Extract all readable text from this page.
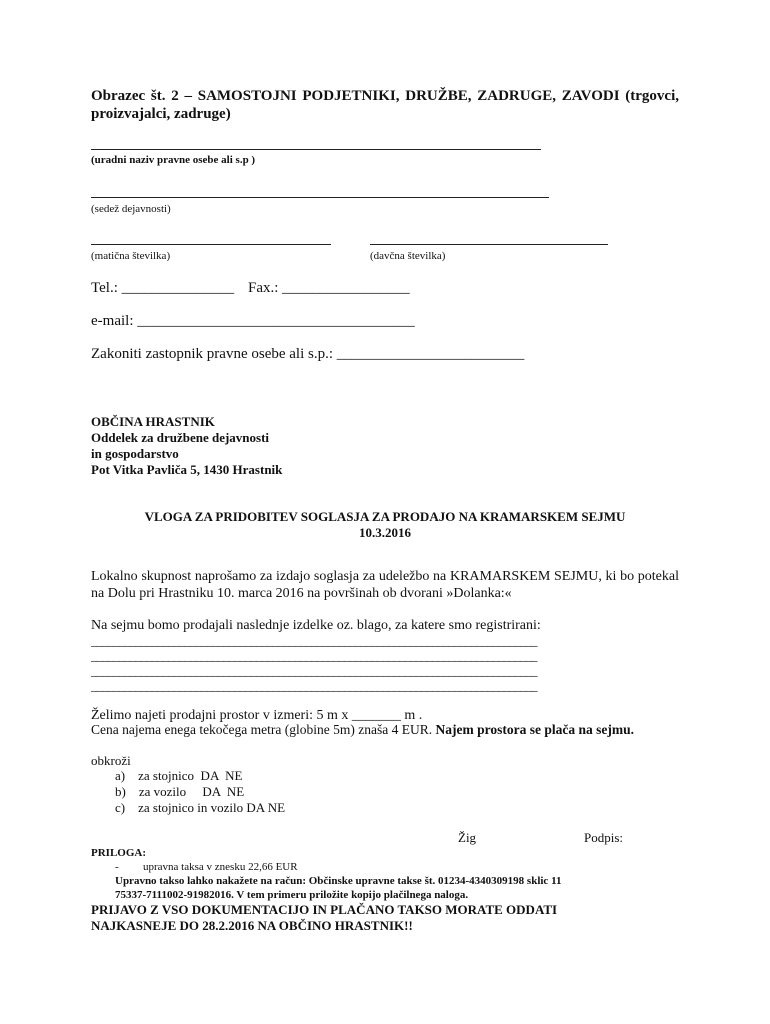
Obrazec št. 2 – SAMOSTOJNI PODJETNIKI, DRUŽBE, ZADRUGE, ZAVODI (trgovci, proizvajalci, zadruge)
(uradni naziv pravne osebe ali s.p )
(sedež dejavnosti)
(matična številka)	(davčna številka)
Tel.: _______________ Fax.: _________________
e-mail: _____________________________________
Zakoniti zastopnik pravne osebe ali s.p.: _________________________
OBČINA HRASTNIK
Oddelek za družbene dejavnosti
in gospodarstvo
Pot Vitka Pavliča 5, 1430 Hrastnik
VLOGA ZA PRIDOBITEV SOGLASJA ZA PRODAJO NA KRAMARSKEM SEJMU
10.3.2016
Lokalno skupnost naprošamo za izdajo soglasja za udeležbo na KRAMARSKEM SEJMU, ki bo potekal na Dolu pri Hrastniku 10. marca 2016 na površinah ob dvorani »Dolanka:«
Na sejmu bomo prodajali naslednje izdelke oz. blago, za katere smo registrirani:
_________________________________________________________________________________
_________________________________________________________________________________
_________________________________________________________________________________
_________________________________________________________________________________
Želimo najeti prodajni prostor v izmeri: 5 m x _______ m .
Cena najema enega tekočega metra (globine 5m) znaša 4 EUR. Najem prostora se plača na sejmu.
obkroži
a)    za stojnico  DA  NE
b)    za vozilo     DA  NE
c)    za stojnico in vozilo DA NE
Žig	Podpis:
PRILOGA:
- upravna taksa v znesku 22,66 EUR
Upravno takso lahko nakažete na račun: Občinske upravne takse št. 01234-4340309198 sklic 11
75337-7111002-91982016. V tem primeru priložite kopijo plačilnega naloga.
PRIJAVO Z VSO DOKUMENTACIJO IN PLAČANO TAKSO MORATE ODDATI
NAJKASNEJE DO 28.2.2016 NA OBČINO HRASTNIK!!
